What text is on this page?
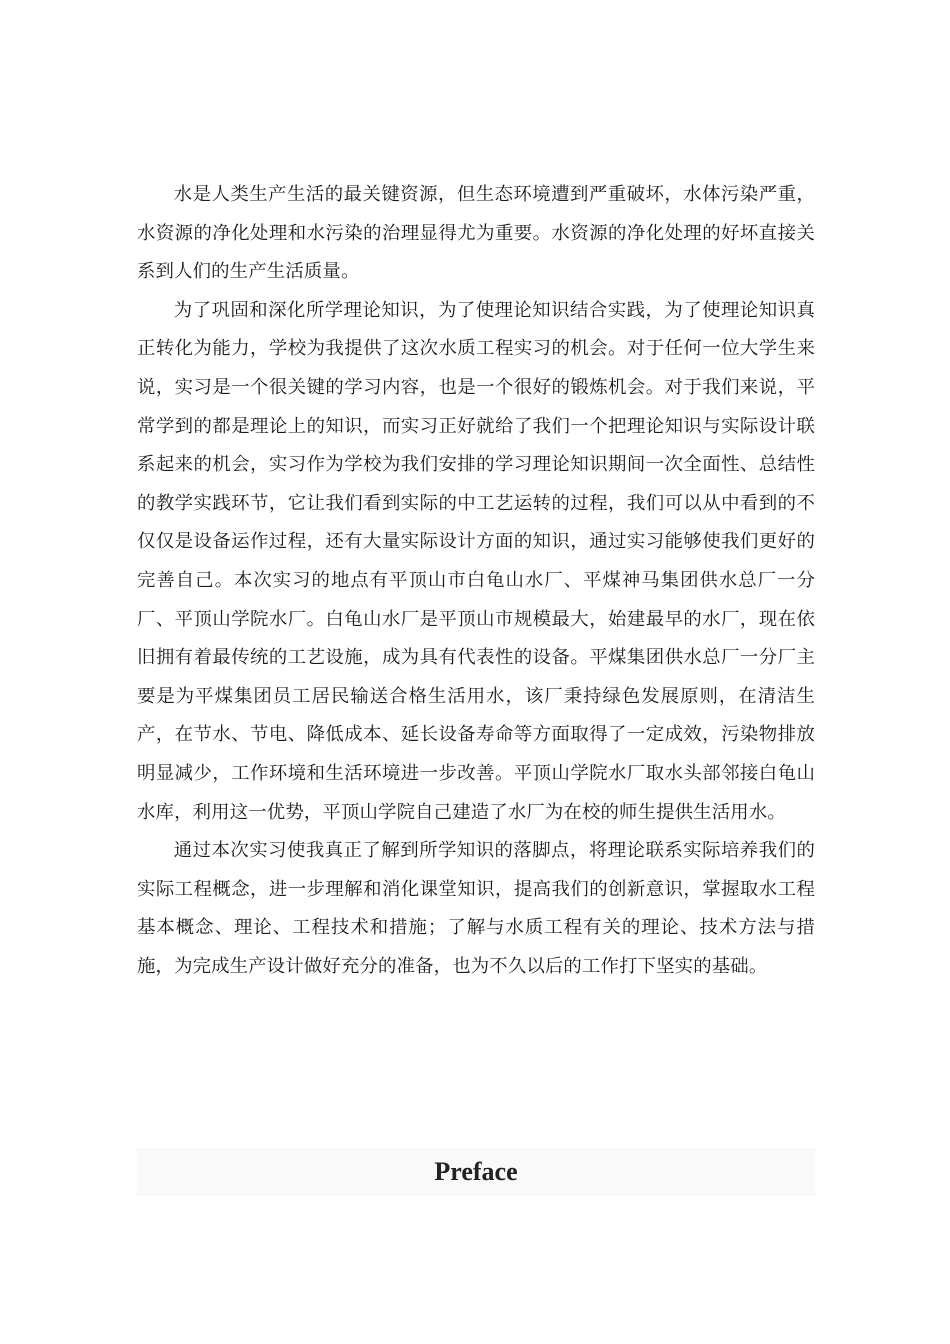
水是人类生产生活的最关键资源，但生态环境遭到严重破坏，水体污染严重，水资源的净化处理和水污染的治理显得尤为重要。水资源的净化处理的好坏直接关系到人们的生产生活质量。

为了巩固和深化所学理论知识，为了使理论知识结合实践，为了使理论知识真正转化为能力，学校为我提供了这次水质工程实习的机会。对于任何一位大学生来说，实习是一个很关键的学习内容，也是一个很好的锻炼机会。对于我们来说，平常学到的都是理论上的知识，而实习正好就给了我们一个把理论知识与实际设计联系起来的机会，实习作为学校为我们安排的学习理论知识期间一次全面性、总结性的教学实践环节，它让我们看到实际的中工艺运转的过程，我们可以从中看到的不仅仅是设备运作过程，还有大量实际设计方面的知识，通过实习能够使我们更好的完善自己。本次实习的地点有平顶山市白龟山水厂、平煤神马集团供水总厂一分厂、平顶山学院水厂。白龟山水厂是平顶山市规模最大，始建最早的水厂，现在依旧拥有着最传统的工艺设施，成为具有代表性的设备。平煤集团供水总厂一分厂主要是为平煤集团员工居民输送合格生活用水，该厂秉持绿色发展原则，在清洁生产，在节水、节电、降低成本、延长设备寿命等方面取得了一定成效，污染物排放明显减少，工作环境和生活环境进一步改善。平顶山学院水厂取水头部邻接白龟山水库，利用这一优势，平顶山学院自己建造了水厂为在校的师生提供生活用水。

通过本次实习使我真正了解到所学知识的落脚点，将理论联系实际培养我们的实际工程概念，进一步理解和消化课堂知识，提高我们的创新意识，掌握取水工程基本概念、理论、工程技术和措施；了解与水质工程有关的理论、技术方法与措施，为完成生产设计做好充分的准备，也为不久以后的工作打下坚实的基础。

Preface
